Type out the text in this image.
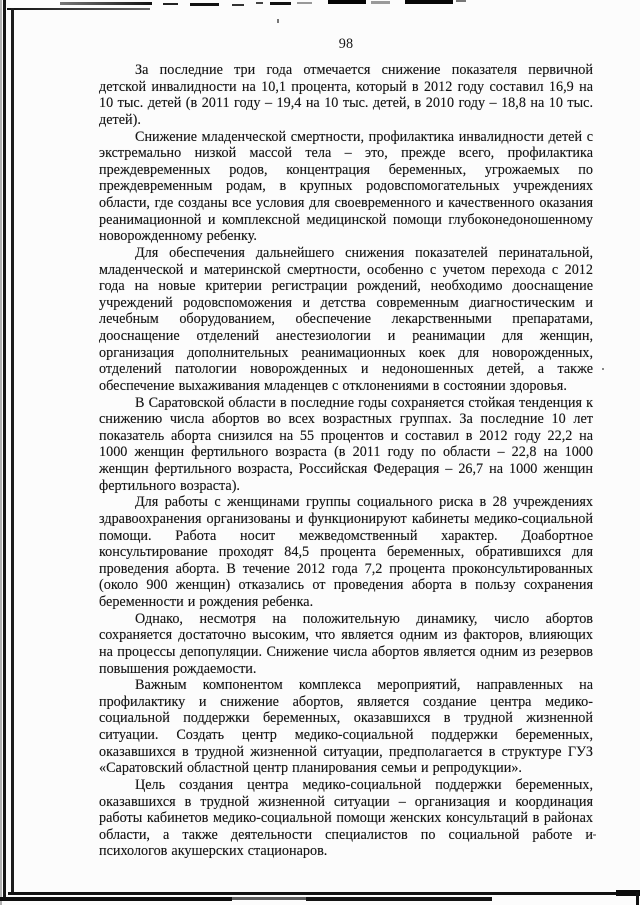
98

За последние три года отмечается снижение показателя первичной детской инвалидности на 10,1 процента, который в 2012 году составил 16,9 на 10 тыс. детей (в 2011 году – 19,4 на 10 тыс. детей, в 2010 году – 18,8 на 10 тыс. детей).

Снижение младенческой смертности, профилактика инвалидности детей с экстремально низкой массой тела – это, прежде всего, профилактика преждевременных родов, концентрация беременных, угрожаемых по преждевременным родам, в крупных родовспомогательных учреждениях области, где созданы все условия для своевременного и качественного оказания реанимационной и комплексной медицинской помощи глубоконедоношенному новорожденному ребенку.

Для обеспечения дальнейшего снижения показателей перинатальной, младенческой и материнской смертности, особенно с учетом перехода с 2012 года на новые критерии регистрации рождений, необходимо дооснащение учреждений родовспоможения и детства современным диагностическим и лечебным оборудованием, обеспечение лекарственными препаратами, дооснащение отделений анестезиологии и реанимации для женщин, организация дополнительных реанимационных коек для новорожденных, отделений патологии новорожденных и недоношенных детей, а также обеспечение выхаживания младенцев с отклонениями в состоянии здоровья.

В Саратовской области в последние годы сохраняется стойкая тенденция к снижению числа абортов во всех возрастных группах. За последние 10 лет показатель аборта снизился на 55 процентов и составил в 2012 году 22,2 на 1000 женщин фертильного возраста (в 2011 году по области – 22,8 на 1000 женщин фертильного возраста, Российская Федерация – 26,7 на 1000 женщин фертильного возраста).

Для работы с женщинами группы социального риска в 28 учреждениях здравоохранения организованы и функционируют кабинеты медико-социальной помощи. Работа носит межведомственный характер. Доабортное консультирование проходят 84,5 процента беременных, обратившихся для проведения аборта. В течение 2012 года 7,2 процента проконсультированных (около 900 женщин) отказались от проведения аборта в пользу сохранения беременности и рождения ребенка.

Однако, несмотря на положительную динамику, число абортов сохраняется достаточно высоким, что является одним из факторов, влияющих на процессы депопуляции. Снижение числа абортов является одним из резервов повышения рождаемости.

Важным компонентом комплекса мероприятий, направленных на профилактику и снижение абортов, является создание центра медико-социальной поддержки беременных, оказавшихся в трудной жизненной ситуации. Создать центр медико-социальной поддержки беременных, оказавшихся в трудной жизненной ситуации, предполагается в структуре ГУЗ «Саратовский областной центр планирования семьи и репродукции».

Цель создания центра медико-социальной поддержки беременных, оказавшихся в трудной жизненной ситуации – организация и координация работы кабинетов медико-социальной помощи женских консультаций в районах области, а также деятельности специалистов по социальной работе и психологов акушерских стационаров.
